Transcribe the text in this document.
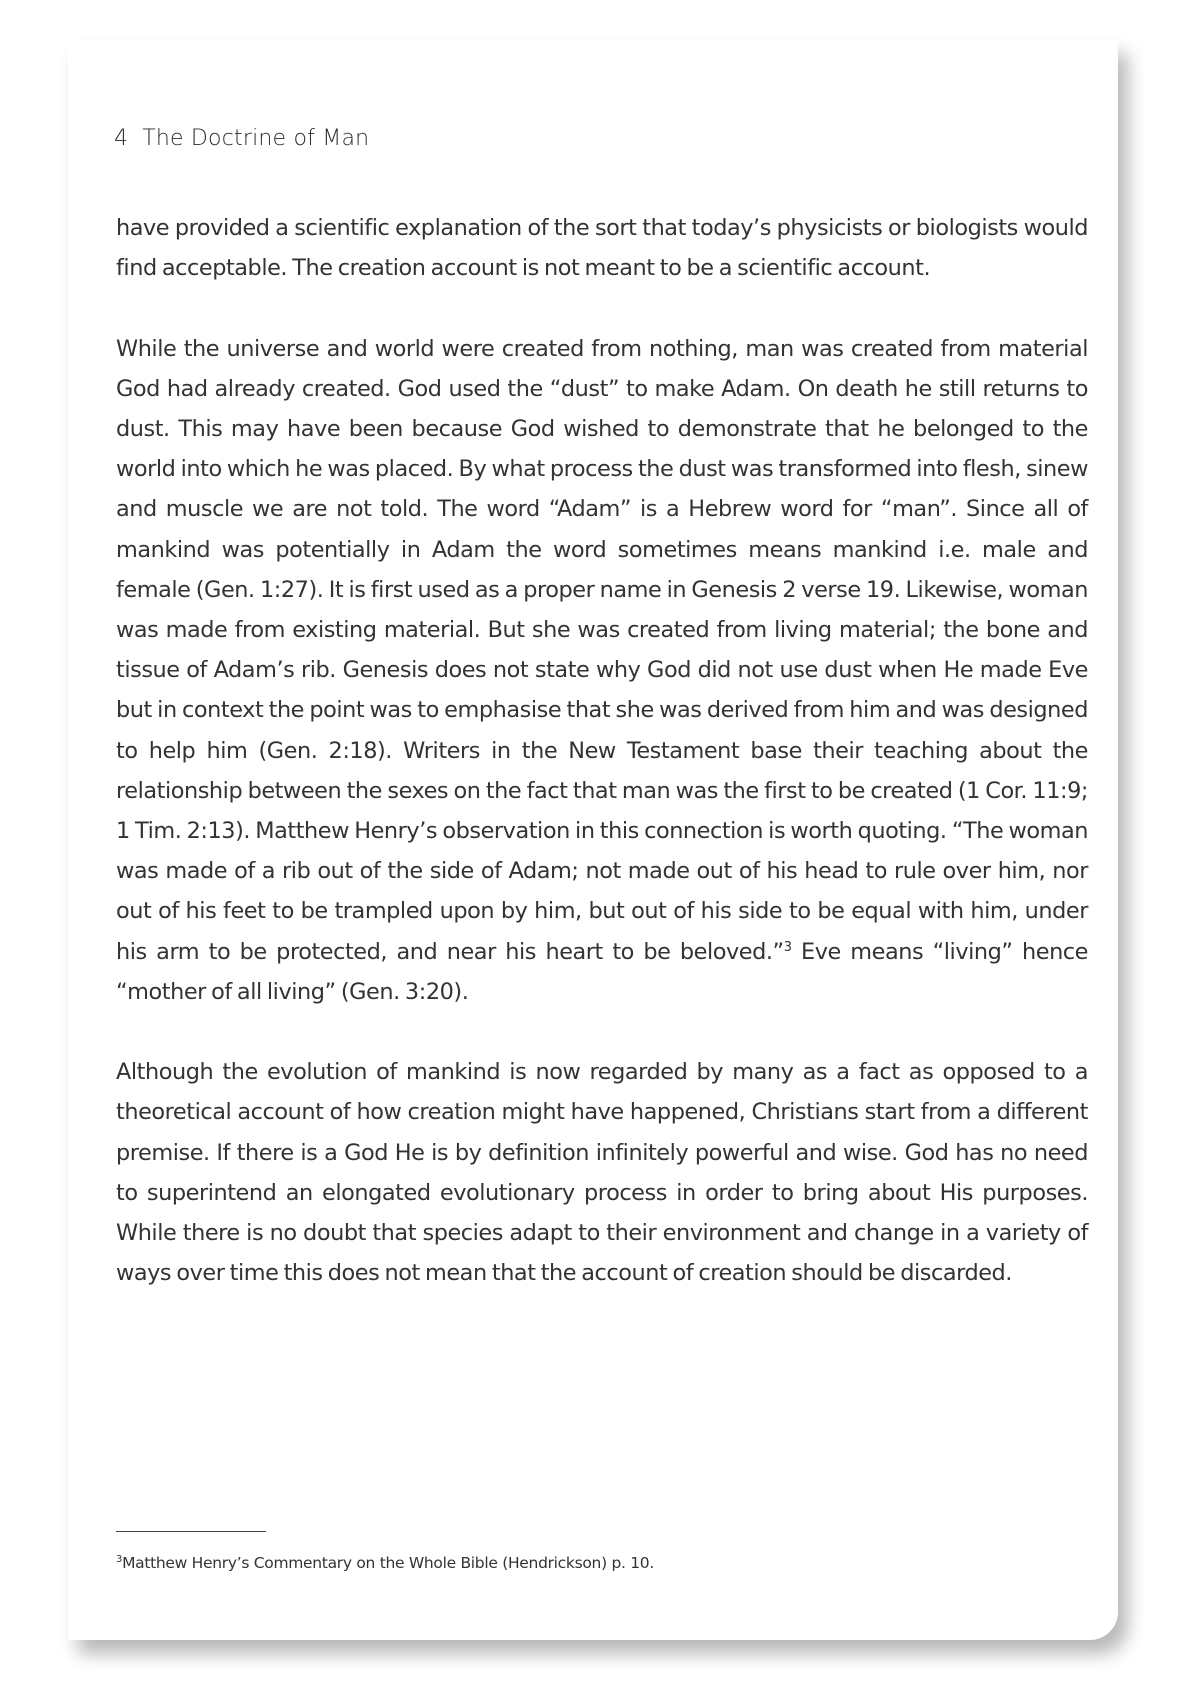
4 The Doctrine of Man

have provided a scientific explanation of the sort that today’s physicists or biologists would find acceptable. The creation account is not meant to be a scientific account.

While the universe and world were created from nothing, man was created from material God had already created. God used the “dust” to make Adam. On death he still returns to dust. This may have been because God wished to demonstrate that he belonged to the world into which he was placed. By what process the dust was transformed into flesh, sinew and muscle we are not told. The word “Adam” is a Hebrew word for “man”. Since all of mankind was potentially in Adam the word sometimes means mankind i.e. male and female (Gen. 1:27). It is first used as a proper name in Genesis 2 verse 19. Likewise, woman was made from existing material. But she was created from living material; the bone and tissue of Adam’s rib. Genesis does not state why God did not use dust when He made Eve but in context the point was to emphasise that she was derived from him and was designed to help him (Gen. 2:18). Writers in the New Testament base their teaching about the relationship between the sexes on the fact that man was the first to be created (1 Cor. 11:9; 1 Tim. 2:13). Matthew Henry’s observation in this connection is worth quoting. “The woman was made of a rib out of the side of Adam; not made out of his head to rule over him, nor out of his feet to be trampled upon by him, but out of his side to be equal with him, under his arm to be protected, and near his heart to be beloved.”$^3$ Eve means “living” hence “mother of all living” (Gen. 3:20).

Although the evolution of mankind is now regarded by many as a fact as opposed to a theoretical account of how creation might have happened, Christians start from a different premise. If there is a God He is by definition infinitely powerful and wise. God has no need to superintend an elongated evolutionary process in order to bring about His purposes. While there is no doubt that species adapt to their environment and change in a variety of ways over time this does not mean that the account of creation should be discarded.

$^3$Matthew Henry’s Commentary on the Whole Bible (Hendrickson) p. 10.
